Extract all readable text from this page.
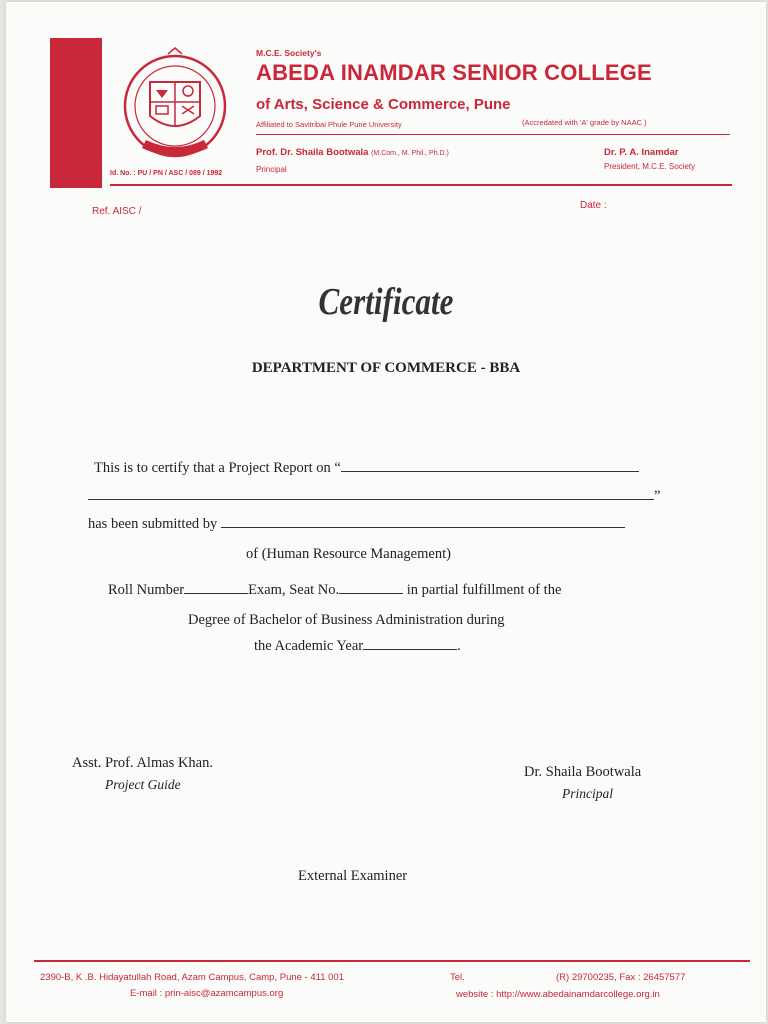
Id. No. : PU / PN / ASC / 089 / 1992
M.C.E. Society's
ABEDA INAMDAR SENIOR COLLEGE
of Arts, Science & Commerce, Pune
Affiliated to Savitribai Phule Pune University	(Accredated with 'A' grade by NAAC )
Prof. Dr. Shaila Bootwala (M.Com., M. Phil., Ph.D.)
Principal
Dr. P. A. Inamdar
President, M.C.E. Society
Ref. AISC /
Date :
Certificate
DEPARTMENT OF COMMERCE - BBA
This is to certify that a Project Report on “
”
has been submitted by
of (Human Resource Management)
Roll Number	Exam, Seat No.	in partial fulfillment of the
Degree of Bachelor of Business Administration during
the Academic Year	.
Asst. Prof. Almas Khan.
Project Guide
Dr. Shaila Bootwala
Principal
External Examiner
2390-B, K .B. Hidayatullah Road, Azam Campus, Camp, Pune - 411 001	Tel.	(R) 29700235, Fax : 26457577
E-mail : prin-aisc@azamcampus.org	website : http://www.abedainamdarcollege.org.in
